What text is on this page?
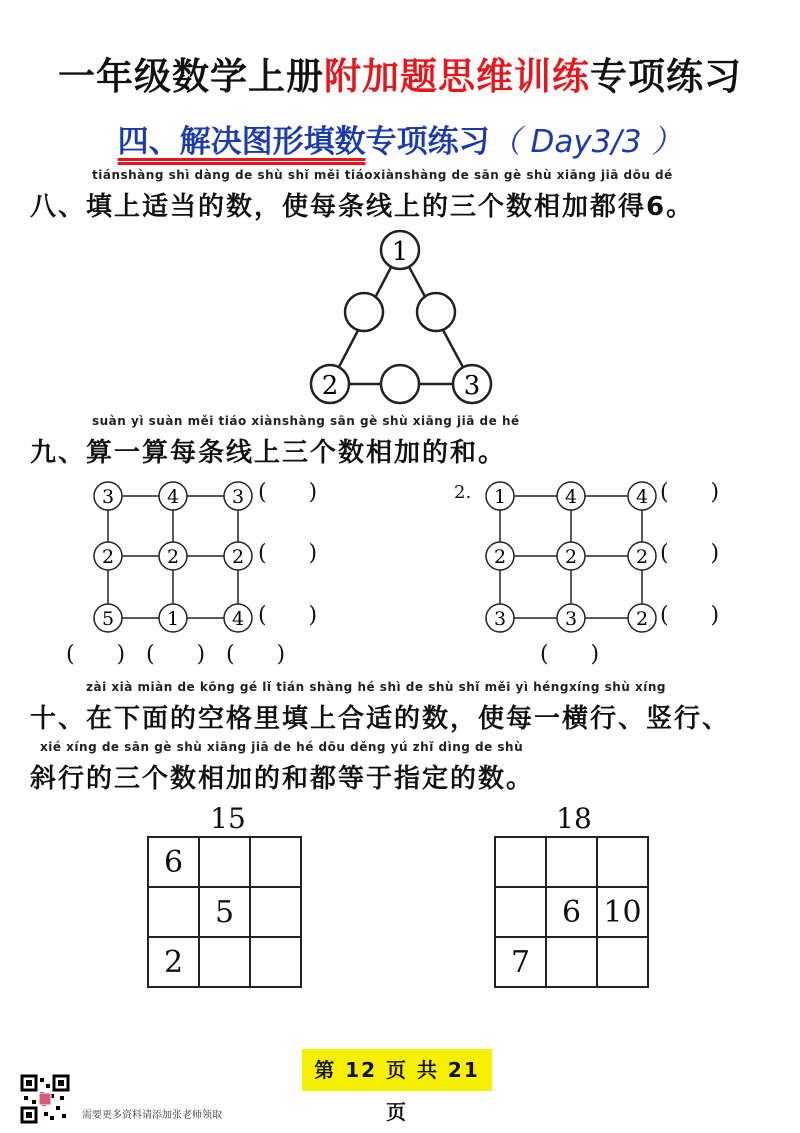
一年级数学上册附加题思维训练专项练习
四、解决图形填数专项练习（ Day3/3 ）
tiánshàng shì dàng de shù shǐ měi tiáoxiànshàng de sān gè shù xiāng jiā dōu dé
八、填上适当的数，使每条线上的三个数相加都得6。
1
2	3
suàn yì suàn měi tiáo xiànshàng sān gè shù xiāng jiā de hé
九、算一算每条线上三个数相加的和。
3	4	3
2	2	2
5	1	4
(      )
(      )
(      )
(      ) (      ) (      )
2. 1	4	4
2	2	2
3	3	2
(      )
(      )
(      )
(      )
zài xià miàn de kōng gé lǐ tián shàng hé shì de shù shǐ měi yì héngxíng shù xíng
十、在下面的空格里填上合适的数，使每一横行、竖行、
xié xíng de sān gè shù xiāng jiā de hé dōu děng yú zhǐ dìng de shù
斜行的三个数相加的和都等于指定的数。
15
6		
	5	
2		
18

	6	10
7		
第 12 页 共 21 页
需要更多资料请添加张老师领取
